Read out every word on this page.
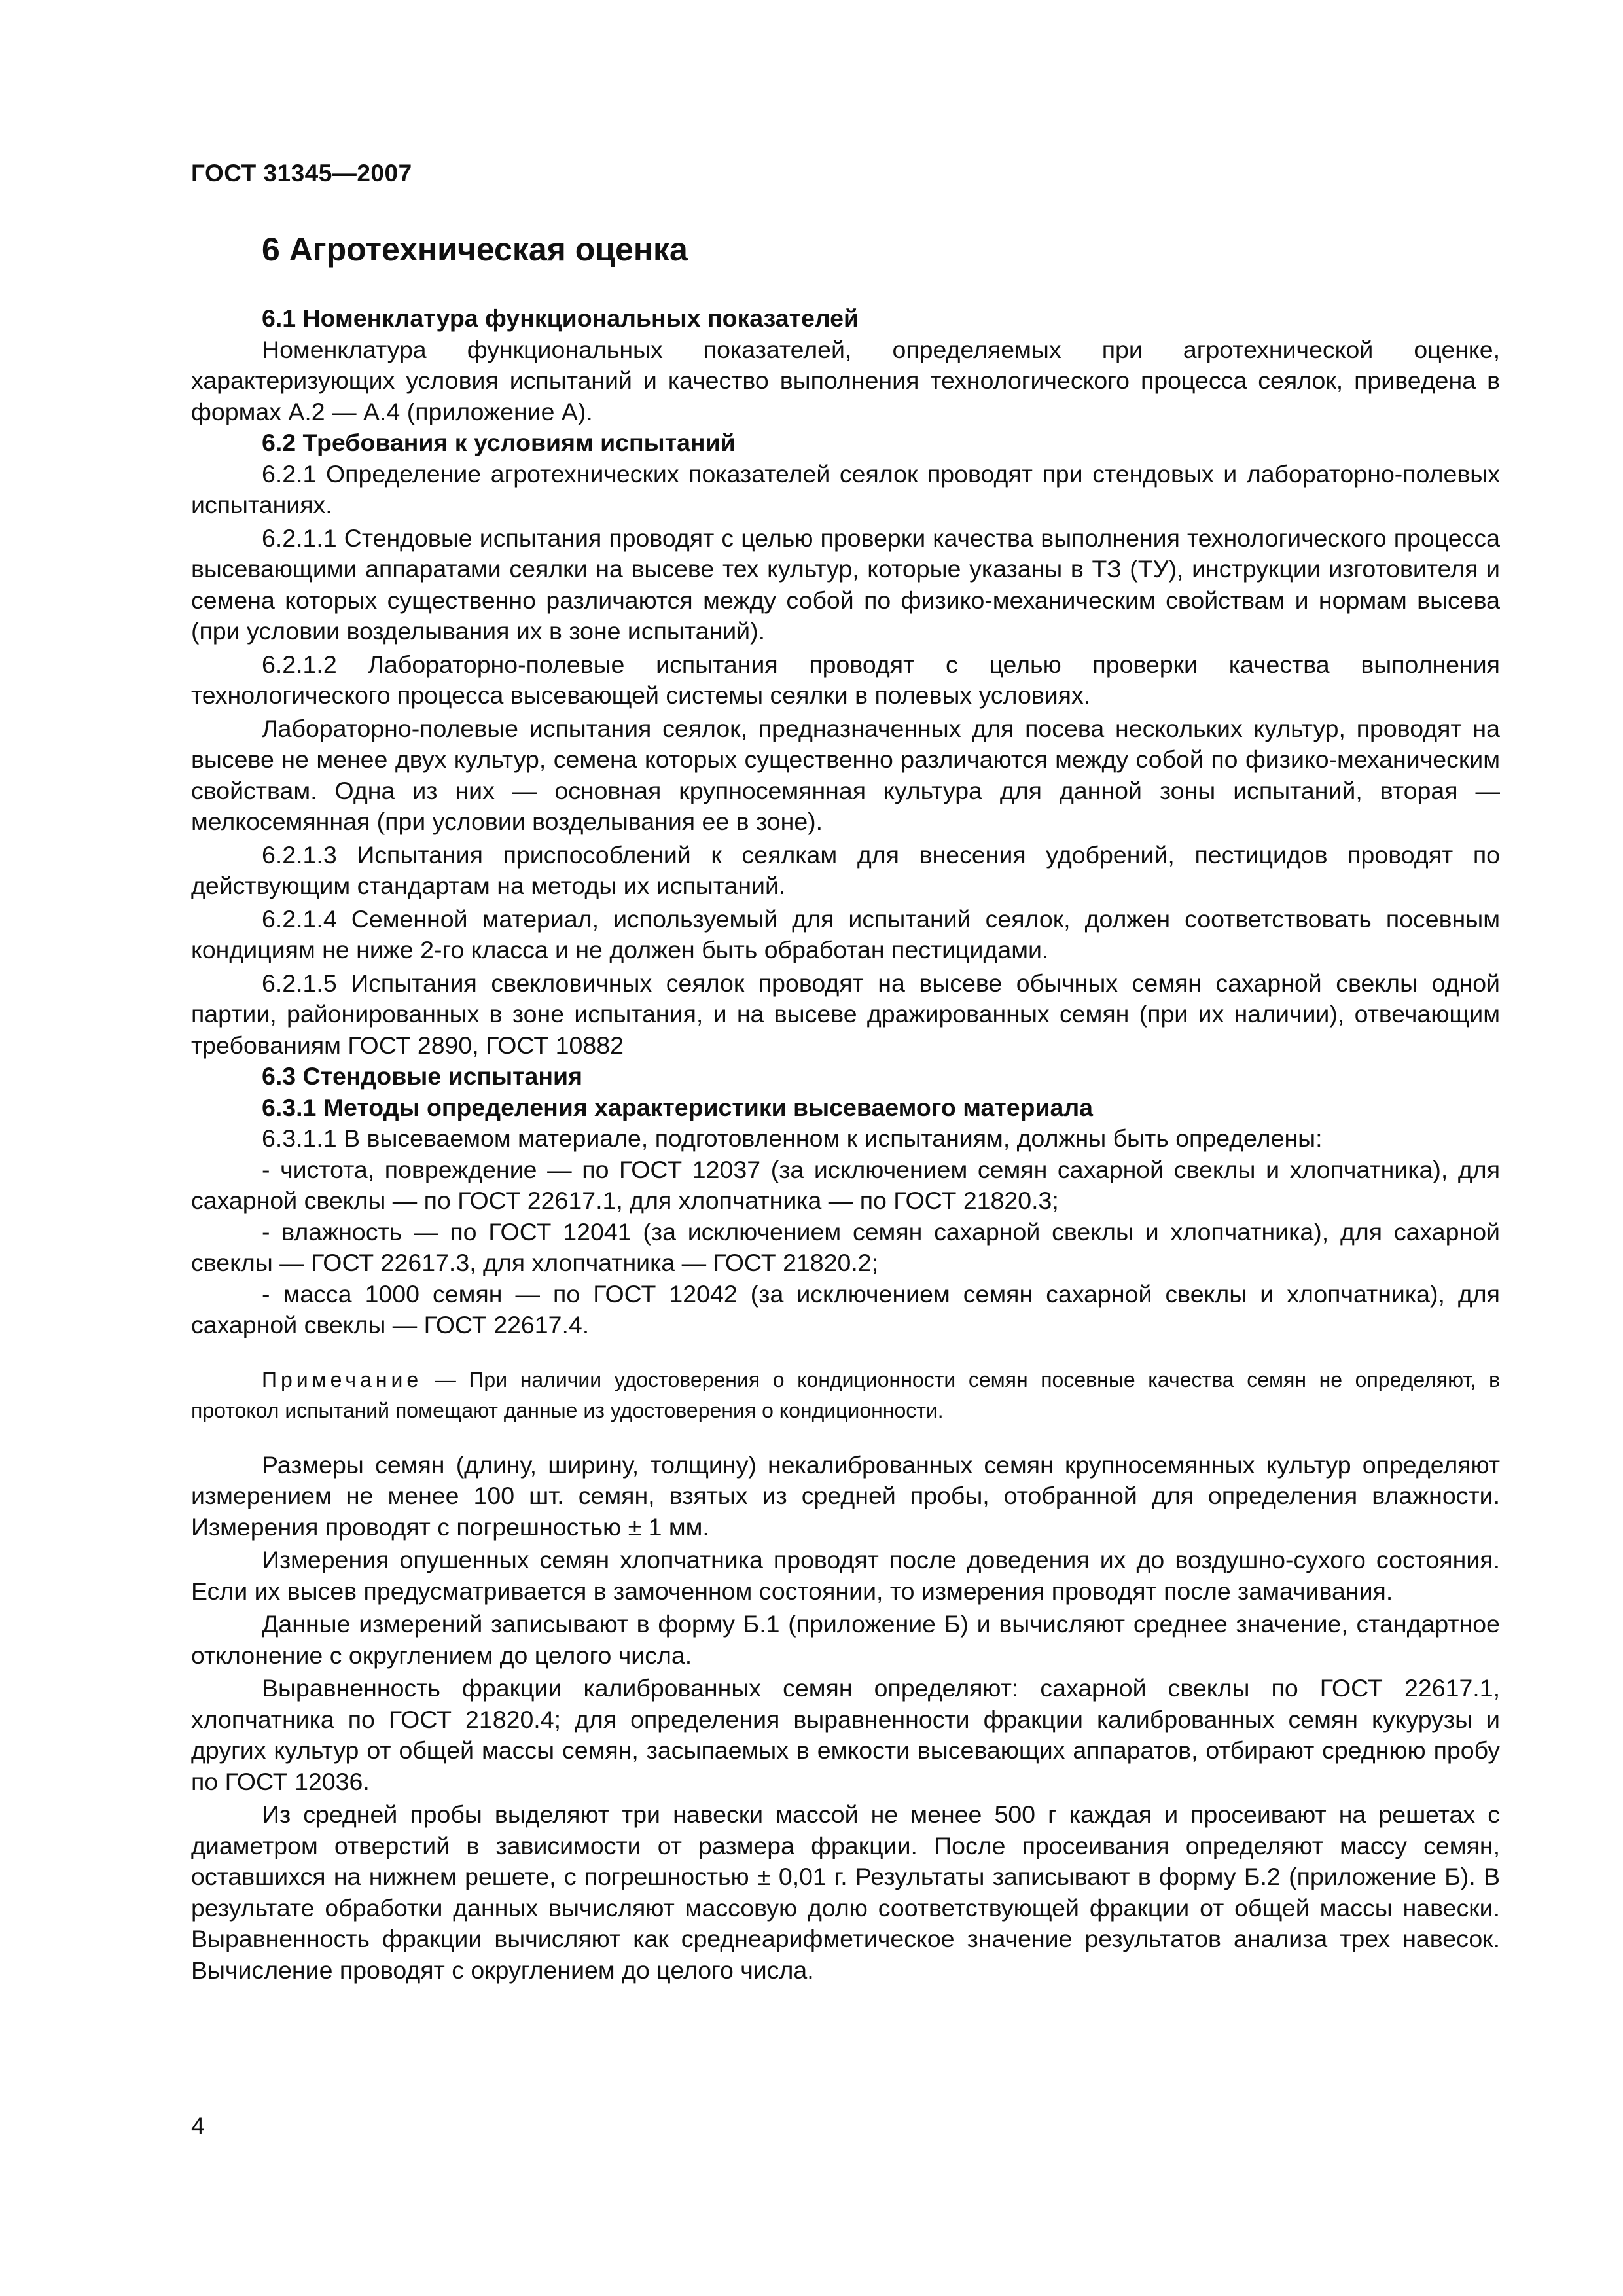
ГОСТ 31345—2007
6 Агротехническая оценка

6.1 Номенклатура функциональных показателей

Номенклатура функциональных показателей, определяемых при агротехнической оценке, характеризующих условия испытаний и качество выполнения технологического процесса сеялок, приведена в формах А.2 — А.4 (приложение А).

6.2 Требования к условиям испытаний

6.2.1 Определение агротехнических показателей сеялок проводят при стендовых и лабораторно-полевых испытаниях.

6.2.1.1 Стендовые испытания проводят с целью проверки качества выполнения технологического процесса высевающими аппаратами сеялки на высеве тех культур, которые указаны в ТЗ (ТУ), инструкции изготовителя и семена которых существенно различаются между собой по физико-механическим свойствам и нормам высева (при условии возделывания их в зоне испытаний).

6.2.1.2 Лабораторно-полевые испытания проводят с целью проверки качества выполнения технологического процесса высевающей системы сеялки в полевых условиях.

Лабораторно-полевые испытания сеялок, предназначенных для посева нескольких культур, проводят на высеве не менее двух культур, семена которых существенно различаются между собой по физико-механическим свойствам. Одна из них — основная крупносемянная культура для данной зоны испытаний, вторая — мелкосемянная (при условии возделывания ее в зоне).

6.2.1.3 Испытания приспособлений к сеялкам для внесения удобрений, пестицидов проводят по действующим стандартам на методы их испытаний.

6.2.1.4 Семенной материал, используемый для испытаний сеялок, должен соответствовать посевным кондициям не ниже 2-го класса и не должен быть обработан пестицидами.

6.2.1.5 Испытания свекловичных сеялок проводят на высеве обычных семян сахарной свеклы одной партии, районированных в зоне испытания, и на высеве дражированных семян (при их наличии), отвечающим требованиям ГОСТ 2890, ГОСТ 10882

6.3 Стендовые испытания

6.3.1 Методы определения характеристики высеваемого материала

6.3.1.1 В высеваемом материале, подготовленном к испытаниям, должны быть определены:

- чистота, повреждение — по ГОСТ 12037 (за исключением семян сахарной свеклы и хлопчатника), для сахарной свеклы — по ГОСТ 22617.1, для хлопчатника — по ГОСТ 21820.3;

- влажность — по ГОСТ 12041 (за исключением семян сахарной свеклы и хлопчатника), для сахарной свеклы — ГОСТ 22617.3, для хлопчатника — ГОСТ 21820.2;

- масса 1000 семян — по ГОСТ 12042 (за исключением семян сахарной свеклы и хлопчатника), для сахарной свеклы — ГОСТ 22617.4.

Примечание — При наличии удостоверения о кондиционности семян посевные качества семян не определяют, в протокол испытаний помещают данные из удостоверения о кондиционности.

Размеры семян (длину, ширину, толщину) некалиброванных семян крупносемянных культур определяют измерением не менее 100 шт. семян, взятых из средней пробы, отобранной для определения влажности. Измерения проводят с погрешностью ± 1 мм.

Измерения опушенных семян хлопчатника проводят после доведения их до воздушно-сухого состояния. Если их высев предусматривается в замоченном состоянии, то измерения проводят после замачивания.

Данные измерений записывают в форму Б.1 (приложение Б) и вычисляют среднее значение, стандартное отклонение с округлением до целого числа.

Выравненность фракции калиброванных семян определяют: сахарной свеклы по ГОСТ 22617.1, хлопчатника по ГОСТ 21820.4; для определения выравненности фракции калиброванных семян кукурузы и других культур от общей массы семян, засыпаемых в емкости высевающих аппаратов, отбирают среднюю пробу по ГОСТ 12036.

Из средней пробы выделяют три навески массой не менее 500 г каждая и просеивают на решетах с диаметром отверстий в зависимости от размера фракции. После просеивания определяют массу семян, оставшихся на нижнем решете, с погрешностью ± 0,01 г. Результаты записывают в форму Б.2 (приложение Б). В результате обработки данных вычисляют массовую долю соответствующей фракции от общей массы навески. Выравненность фракции вычисляют как среднеарифметическое значение результатов анализа трех навесок. Вычисление проводят с округлением до целого числа.

4
